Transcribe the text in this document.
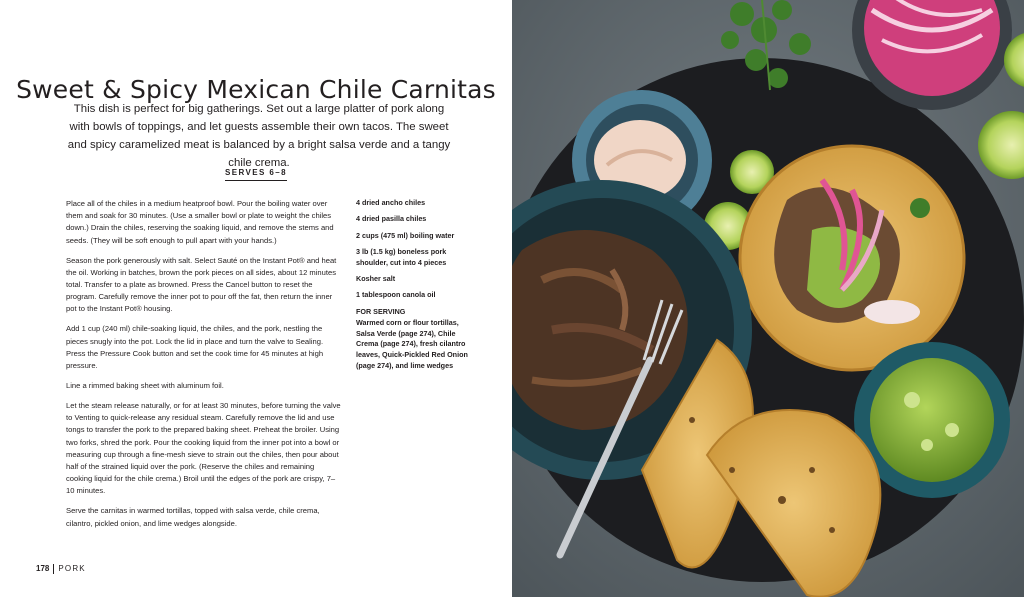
Sweet & Spicy Mexican Chile Carnitas
This dish is perfect for big gatherings. Set out a large platter of pork along with bowls of toppings, and let guests assemble their own tacos. The sweet and spicy caramelized meat is balanced by a bright salsa verde and a tangy chile crema.
SERVES 6–8

Place all of the chiles in a medium heatproof bowl. Pour the boiling water over them and soak for 30 minutes. (Use a smaller bowl or plate to weight the chiles down.) Drain the chiles, reserving the soaking liquid, and remove the stems and seeds. (They will be soft enough to pull apart with your hands.)

Season the pork generously with salt. Select Sauté on the Instant Pot® and heat the oil. Working in batches, brown the pork pieces on all sides, about 12 minutes total. Transfer to a plate as browned. Press the Cancel button to reset the program. Carefully remove the inner pot to pour off the fat, then return the inner pot to the Instant Pot® housing.

Add 1 cup (240 ml) chile-soaking liquid, the chiles, and the pork, nestling the pieces snugly into the pot. Lock the lid in place and turn the valve to Sealing. Press the Pressure Cook button and set the cook time for 45 minutes at high pressure.

Line a rimmed baking sheet with aluminum foil.

Let the steam release naturally, or for at least 30 minutes, before turning the valve to Venting to quick-release any residual steam. Carefully remove the lid and use tongs to transfer the pork to the prepared baking sheet. Preheat the broiler. Using two forks, shred the pork. Pour the cooking liquid from the inner pot into a bowl or measuring cup through a fine-mesh sieve to strain out the chiles, then pour about half of the strained liquid over the pork. (Reserve the chiles and remaining cooking liquid for the chile crema.) Broil until the edges of the pork are crispy, 7–10 minutes.

Serve the carnitas in warmed tortillas, topped with salsa verde, chile crema, cilantro, pickled onion, and lime wedges alongside.

4 dried ancho chiles
4 dried pasilla chiles
2 cups (475 ml) boiling water
3 lb (1.5 kg) boneless pork shoulder, cut into 4 pieces
Kosher salt
1 tablespoon canola oil
FOR SERVING
Warmed corn or flour tortillas, Salsa Verde (page 274), Chile Crema (page 274), fresh cilantro leaves, Quick-Pickled Red Onion (page 274), and lime wedges
178 PORK
